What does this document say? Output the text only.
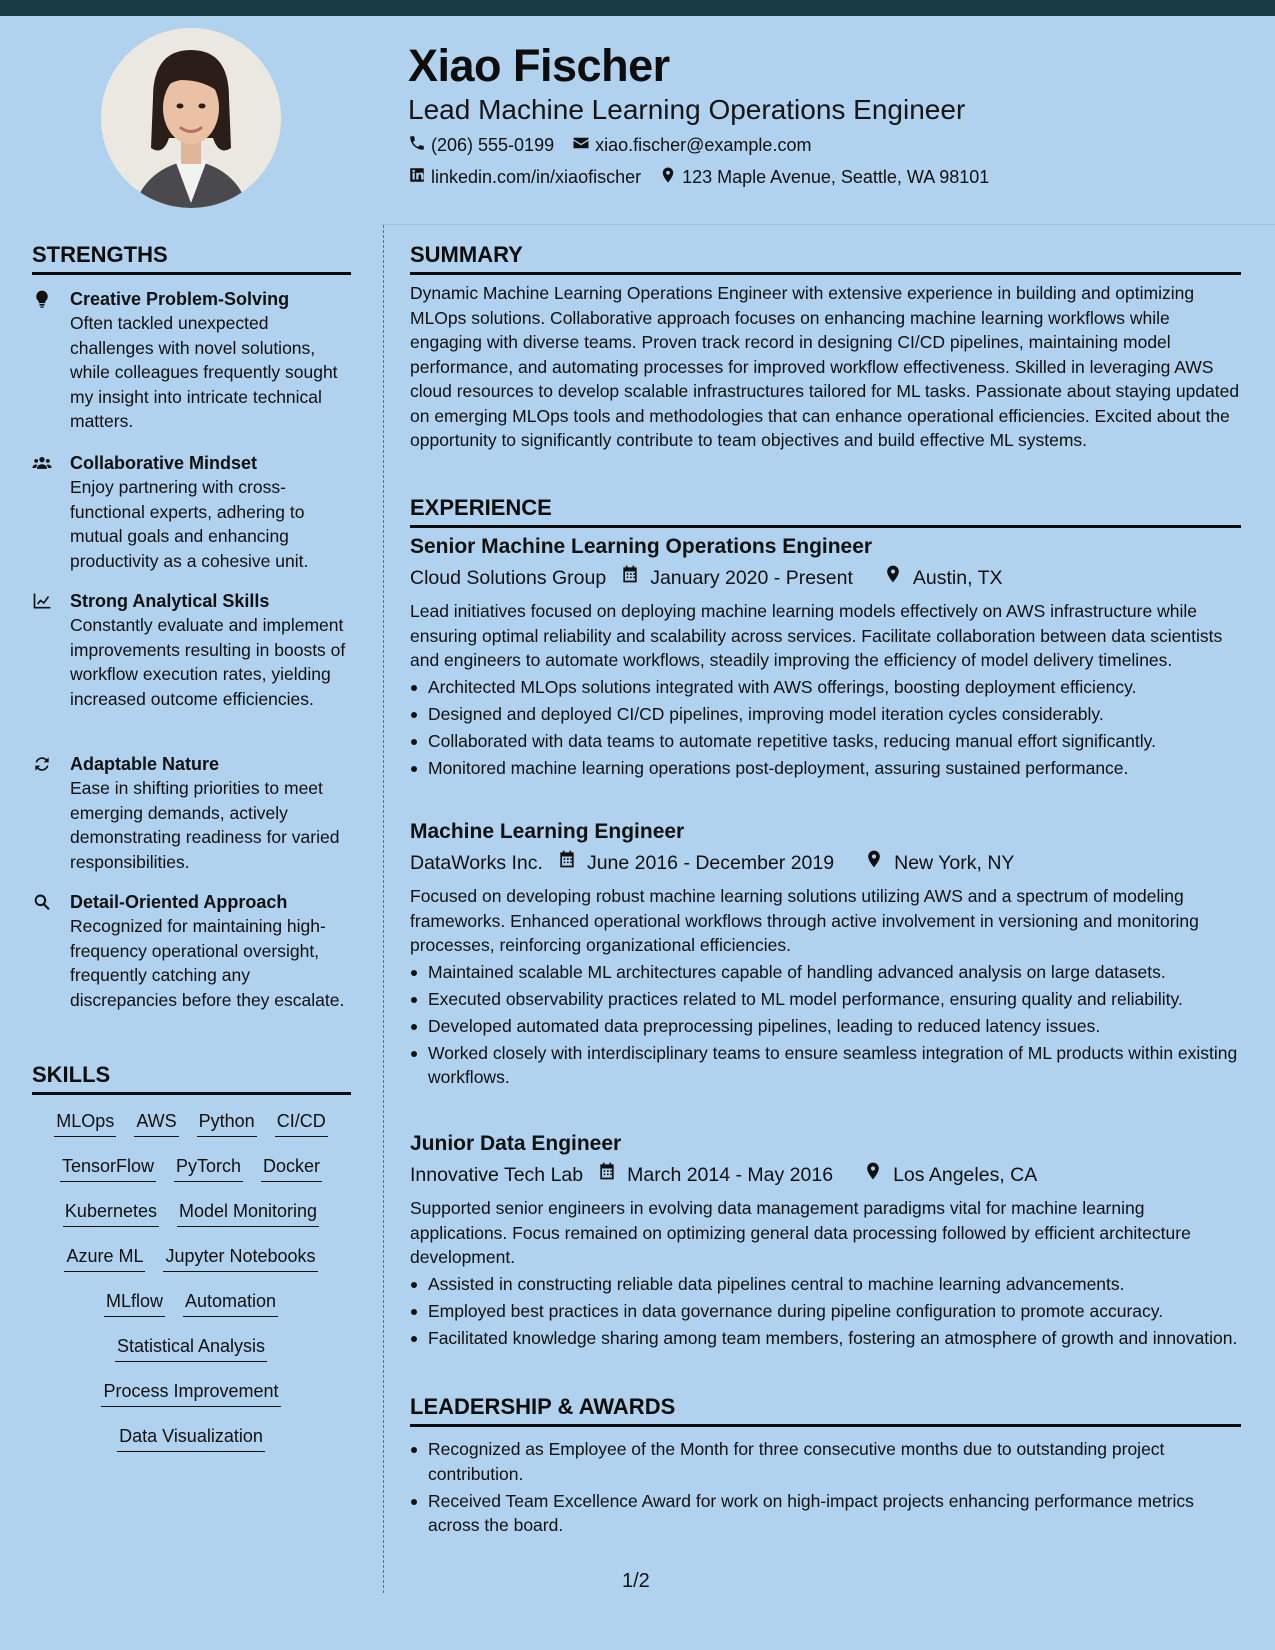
Xiao Fischer
Lead Machine Learning Operations Engineer
(206) 555-0199 xiao.fischer@example.com
linkedin.com/in/xiaofischer 123 Maple Avenue, Seattle, WA 98101
STRENGTHS
Creative Problem-Solving
Often tackled unexpected challenges with novel solutions, while colleagues frequently sought my insight into intricate technical matters.
Collaborative Mindset
Enjoy partnering with cross-functional experts, adhering to mutual goals and enhancing productivity as a cohesive unit.
Strong Analytical Skills
Constantly evaluate and implement improvements resulting in boosts of workflow execution rates, yielding increased outcome efficiencies.
Adaptable Nature
Ease in shifting priorities to meet emerging demands, actively demonstrating readiness for varied responsibilities.
Detail-Oriented Approach
Recognized for maintaining high-frequency operational oversight, frequently catching any discrepancies before they escalate.
SKILLS
MLOps AWS Python CI/CD
TensorFlow PyTorch Docker
Kubernetes Model Monitoring
Azure ML Jupyter Notebooks
MLflow Automation
Statistical Analysis
Process Improvement
Data Visualization
SUMMARY
Dynamic Machine Learning Operations Engineer with extensive experience in building and optimizing MLOps solutions. Collaborative approach focuses on enhancing machine learning workflows while engaging with diverse teams. Proven track record in designing CI/CD pipelines, maintaining model performance, and automating processes for improved workflow effectiveness. Skilled in leveraging AWS cloud resources to develop scalable infrastructures tailored for ML tasks. Passionate about staying updated on emerging MLOps tools and methodologies that can enhance operational efficiencies. Excited about the opportunity to significantly contribute to team objectives and build effective ML systems.
EXPERIENCE
Senior Machine Learning Operations Engineer
Cloud Solutions Group January 2020 - Present	Austin, TX
Lead initiatives focused on deploying machine learning models effectively on AWS infrastructure while ensuring optimal reliability and scalability across services. Facilitate collaboration between data scientists and engineers to automate workflows, steadily improving the efficiency of model delivery timelines.
Architected MLOps solutions integrated with AWS offerings, boosting deployment efficiency.
Designed and deployed CI/CD pipelines, improving model iteration cycles considerably.
Collaborated with data teams to automate repetitive tasks, reducing manual effort significantly.
Monitored machine learning operations post-deployment, assuring sustained performance.
Machine Learning Engineer
DataWorks Inc. June 2016 - December 2019	New York, NY
Focused on developing robust machine learning solutions utilizing AWS and a spectrum of modeling frameworks. Enhanced operational workflows through active involvement in versioning and monitoring processes, reinforcing organizational efficiencies.
Maintained scalable ML architectures capable of handling advanced analysis on large datasets.
Executed observability practices related to ML model performance, ensuring quality and reliability.
Developed automated data preprocessing pipelines, leading to reduced latency issues.
Worked closely with interdisciplinary teams to ensure seamless integration of ML products within existing workflows.
Junior Data Engineer
Innovative Tech Lab March 2014 - May 2016	Los Angeles, CA
Supported senior engineers in evolving data management paradigms vital for machine learning applications. Focus remained on optimizing general data processing followed by efficient architecture development.
Assisted in constructing reliable data pipelines central to machine learning advancements.
Employed best practices in data governance during pipeline configuration to promote accuracy.
Facilitated knowledge sharing among team members, fostering an atmosphere of growth and innovation.
LEADERSHIP & AWARDS
Recognized as Employee of the Month for three consecutive months due to outstanding project contribution.
Received Team Excellence Award for work on high-impact projects enhancing performance metrics across the board.
1/2
